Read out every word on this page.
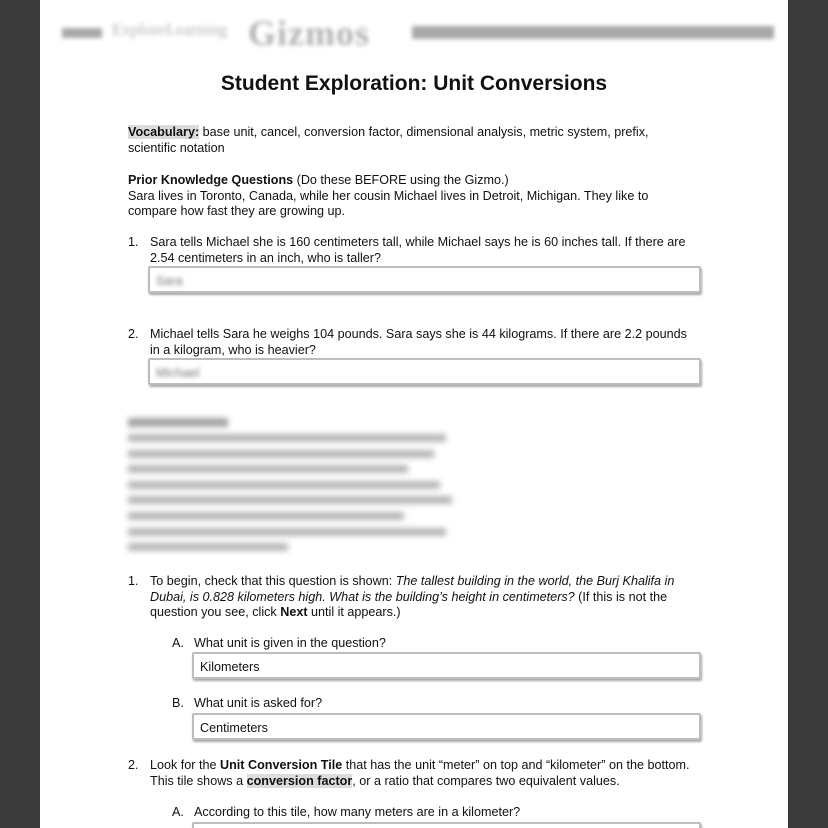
ExploreLearning Gizmos
Student Exploration: Unit Conversions
Vocabulary: base unit, cancel, conversion factor, dimensional analysis, metric system, prefix, scientific notation
Prior Knowledge Questions (Do these BEFORE using the Gizmo.)
Sara lives in Toronto, Canada, while her cousin Michael lives in Detroit, Michigan. They like to compare how fast they are growing up.
1. Sara tells Michael she is 160 centimeters tall, while Michael says he is 60 inches tall. If there are 2.54 centimeters in an inch, who is taller?
Sara
2. Michael tells Sara he weighs 104 pounds. Sara says she is 44 kilograms. If there are 2.2 pounds in a kilogram, who is heavier?
Michael
1. To begin, check that this question is shown: The tallest building in the world, the Burj Khalifa in Dubai, is 0.828 kilometers high. What is the building’s height in centimeters? (If this is not the question you see, click Next until it appears.)
A. What unit is given in the question?
Kilometers
B. What unit is asked for?
Centimeters
2. Look for the Unit Conversion Tile that has the unit “meter” on top and “kilometer” on the bottom. This tile shows a conversion factor, or a ratio that compares two equivalent values.
A. According to this tile, how many meters are in a kilometer?
